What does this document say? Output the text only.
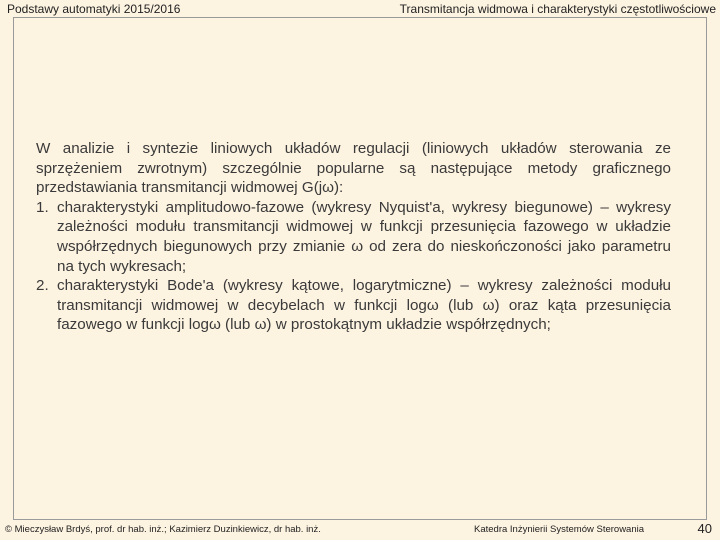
Podstawy automatyki 2015/2016	Transmitancja widmowa i charakterystyki częstotliwościowe

W analizie i syntezie liniowych układów regulacji (liniowych układów sterowania ze sprzężeniem zwrotnym) szczególnie popularne są następujące metody graficznego przedstawiania transmitancji widmowej G(jω):

1. charakterystyki amplitudowo-fazowe (wykresy Nyquist'a, wykresy biegunowe) – wykresy zależności modułu transmitancji widmowej w funkcji przesunięcia fazowego w układzie współrzędnych biegunowych przy zmianie ω od zera do nieskończoności jako parametru na tych wykresach;
2. charakterystyki Bode'a (wykresy kątowe, logarytmiczne) – wykresy zależności modułu transmitancji widmowej w decybelach w funkcji logω (lub ω) oraz kąta przesunięcia fazowego w funkcji logω (lub ω) w prostokątnym układzie współrzędnych;
© Mieczysław Brdyś, prof. dr hab. inż.; Kazimierz Duzinkiewicz, dr hab. inż.	Katedra Inżynierii Systemów Sterowania	40
